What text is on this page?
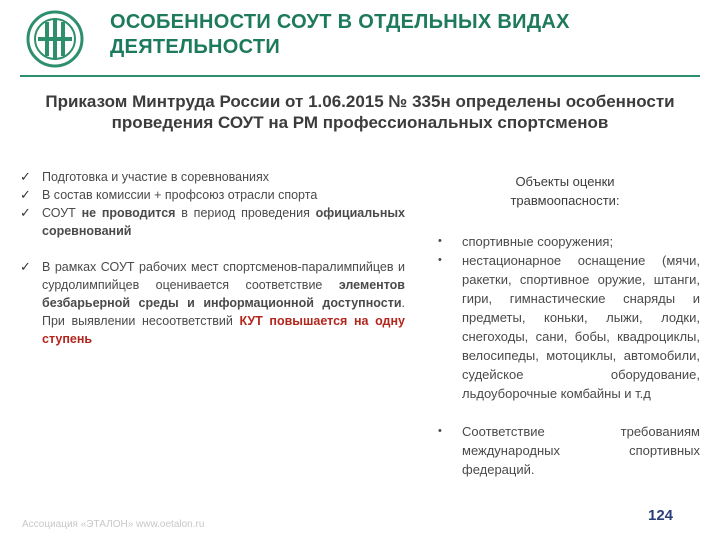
ОСОБЕННОСТИ СОУТ В ОТДЕЛЬНЫХ ВИДАХ ДЕЯТЕЛЬНОСТИ
Приказом Минтруда России от 1.06.2015 № 335н определены особенности проведения СОУТ на РМ профессиональных спортсменов
✓ Подготовка и участие в соревнованиях
✓ В состав комиссии + профсоюз отрасли спорта
✓ СОУТ не проводится в период проведения официальных соревнований
✓ В рамках СОУТ рабочих мест спортсменов-паралимпийцев и сурдолимпийцев оценивается соответствие элементов безбарьерной среды и информационной доступности. При выявлении несоответствий КУТ повышается на одну ступень
Объекты оценки травмоопасности:
•	спортивные сооружения;
•	нестационарное оснащение (мячи, ракетки, спортивное оружие, штанги, гири, гимнастические снаряды и предметы, коньки, лыжи, лодки, снегоходы, сани, бобы, квадроциклы, велосипеды, мотоциклы, автомобили, судейское оборудование, льдоуборочные комбайны и т.д
•	Соответствие требованиям международных спортивных федераций.
Ассоциация «ЭТАЛОН» www.oetalon.ru
124
